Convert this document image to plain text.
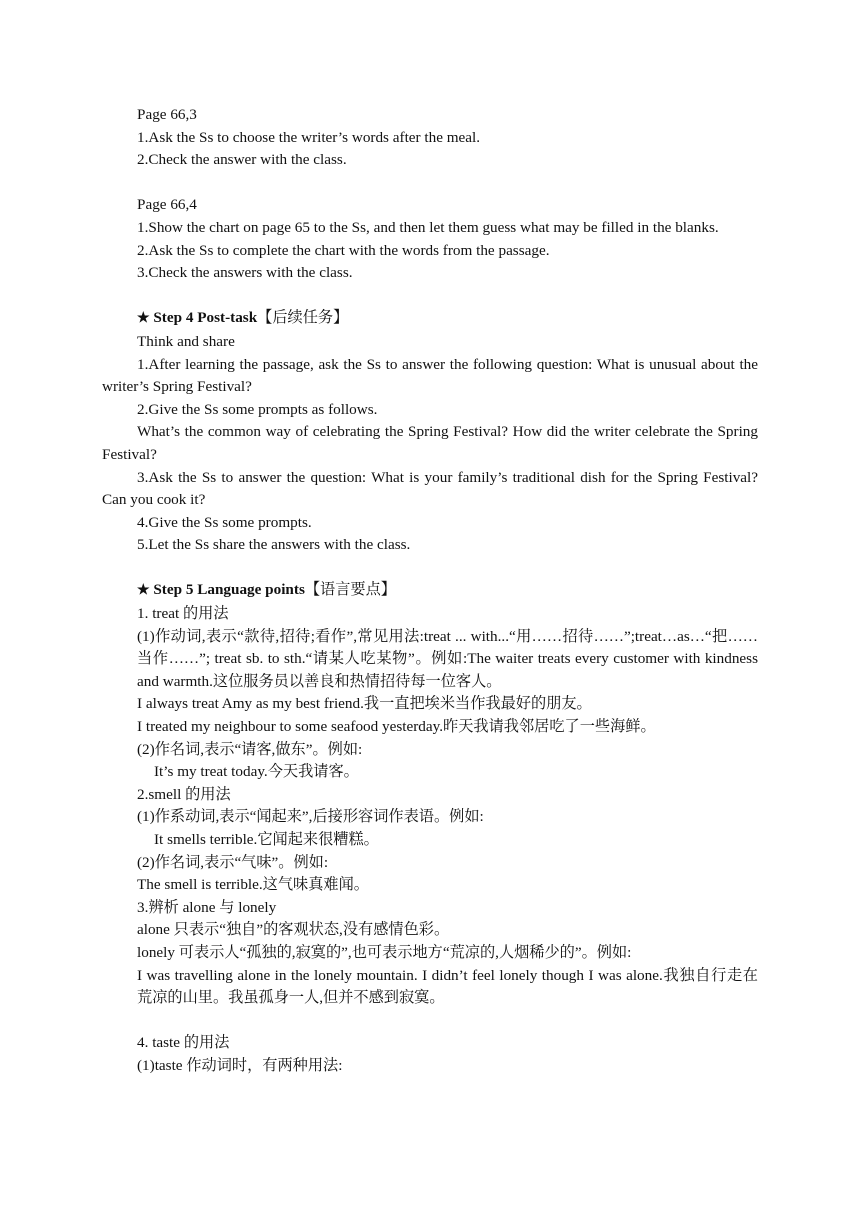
Page 66,3

1.Ask the Ss to choose the writer’s words after the meal.

2.Check the answer with the class.

Page 66,4

1.Show the chart on page 65 to the Ss, and then let them guess what may be filled in the blanks.

2.Ask the Ss to complete the chart with the words from the passage.

3.Check the answers with the class.

★ Step 4 Post-task【后续任务】

Think and share

1.After learning the passage, ask the Ss to answer the following question: What is unusual about the writer’s Spring Festival?

2.Give the Ss some prompts as follows.

What’s the common way of celebrating the Spring Festival? How did the writer celebrate the Spring Festival?

3.Ask the Ss to answer the question: What is your family’s traditional dish for the Spring Festival? Can you cook it?

4.Give the Ss some prompts.

5.Let the Ss share the answers with the class.

★ Step 5 Language points【语言要点】

1. treat 的用法

(1)作动词,表示“款待,招待;看作”,常见用法:treat ... with...“用……招待……”;treat…as…“把……当作……”; treat sb. to sth.“请某人吃某物”。例如:The waiter treats every customer with kindness and warmth.这位服务员以善良和热情招待每一位客人。

I always treat Amy as my best friend.我一直把埃米当作我最好的朋友。

I treated my neighbour to some seafood yesterday.昨天我请我邻居吃了一些海鲜。

(2)作名词,表示“请客,做东”。例如:

It’s my treat today.今天我请客。

2.smell 的用法

(1)作系动词,表示“闻起来”,后接形容词作表语。例如:

It smells terrible.它闻起来很糟糕。

(2)作名词,表示“气味”。例如:

The smell is terrible.这气味真难闻。

3.辨析 alone 与 lonely

alone 只表示“独自”的客观状态,没有感情色彩。

lonely 可表示人“孤独的,寂寞的”,也可表示地方“荒凉的,人烟稀少的”。例如:

I was travelling alone in the lonely mountain. I didn’t feel lonely though I was alone.我独自行走在荒凉的山里。我虽孤身一人,但并不感到寂寞。

4. taste 的用法

(1)taste 作动词时，有两种用法:
